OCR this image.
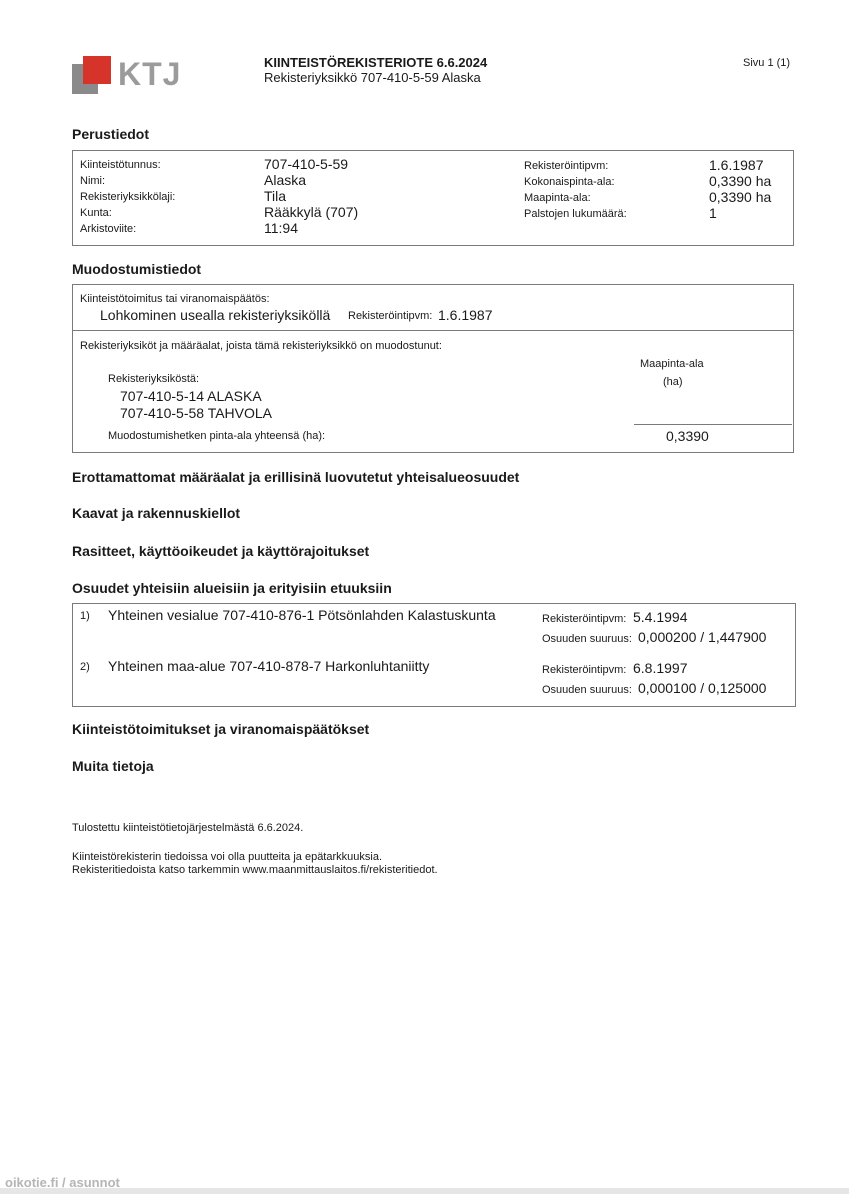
KTJ	KIINTEISTÖREKISTERIOTE 6.6.2024
Rekisteriyksikkö 707-410-5-59 Alaska
Sivu 1 (1)
Perustiedot
Kiinteistötunnus:	707-410-5-59
Nimi:	Alaska
Rekisteriyksikkölaji:	Tila
Kunta:	Rääkkylä (707)
Arkistoviite:	11:94
Rekisteröintipvm:	1.6.1987
Kokonaispinta-ala:	0,3390 ha
Maapinta-ala:	0,3390 ha
Palstojen lukumäärä:	1
Muodostumistiedot
Kiinteistötoimitus tai viranomaispäätös:
Lohkominen usealla rekisteriyksiköllä Rekisteröintipvm: 1.6.1987
Rekisteriyksiköt ja määräalat, joista tämä rekisteriyksikkö on muodostunut:
Maapinta-ala
(ha)
Rekisteriyksiköstä:
707-410-5-14 ALASKA
707-410-5-58 TAHVOLA
Muodostumishetken pinta-ala yhteensä (ha):	0,3390
Erottamattomat määräalat ja erillisinä luovutetut yhteisalueosuudet
Kaavat ja rakennuskiellot
Rasitteet, käyttöoikeudet ja käyttörajoitukset
Osuudet yhteisiin alueisiin ja erityisiin etuuksiin
1) Yhteinen vesialue 707-410-876-1 Pötsönlahden Kalastuskunta	Rekisteröintipvm: 5.4.1994
Osuuden suuruus: 0,000200 / 1,447900
2) Yhteinen maa-alue 707-410-878-7 Harkonluhtaniitty	Rekisteröintipvm: 6.8.1997
Osuuden suuruus: 0,000100 / 0,125000
Kiinteistötoimitukset ja viranomaispäätökset
Muita tietoja
Tulostettu kiinteistötietojärjestelmästä 6.6.2024.
Kiinteistörekisterin tiedoissa voi olla puutteita ja epätarkkuuksia.
Rekisteritiedoista katso tarkemmin www.maanmittauslaitos.fi/rekisteritiedot.
oikotie.fi / asunnot
